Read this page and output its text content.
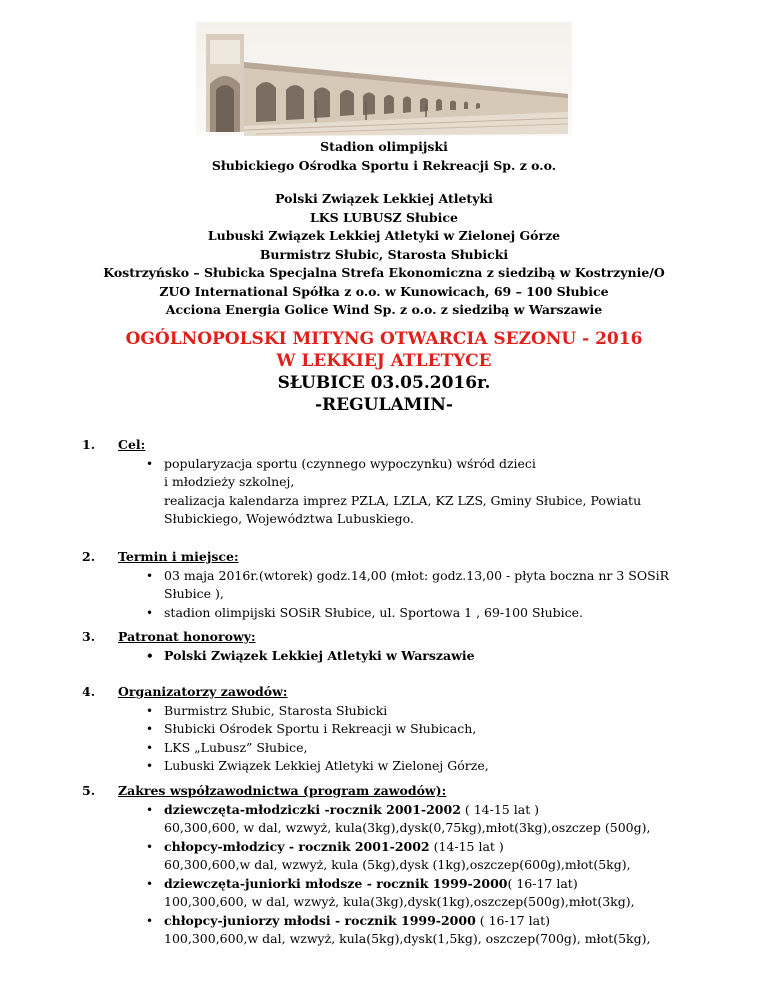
Stadion olimpijski
Słubickiego Ośrodka Sportu i Rekreacji Sp. z o.o.
Polski Związek Lekkiej Atletyki
LKS LUBUSZ Słubice
Lubuski Związek Lekkiej Atletyki w Zielonej Górze
Burmistrz Słubic, Starosta Słubicki
Kostrzyńsko – Słubicka Specjalna Strefa Ekonomiczna z siedzibą w Kostrzynie/O
ZUO International Spółka z o.o. w Kunowicach, 69 – 100 Słubice
Acciona Energia Golice Wind Sp. z o.o. z siedzibą w Warszawie
OGÓLNOPOLSKI MITYNG OTWARCIA SEZONU - 2016
W LEKKIEJ ATLETYCE
SŁUBICE 03.05.2016r.
-REGULAMIN-
1. Cel:
• popularyzacja sportu (czynnego wypoczynku) wśród dzieci
i młodzieży szkolnej,
realizacja kalendarza imprez PZLA, LZLA, KZ LZS, Gminy Słubice, Powiatu
Słubickiego, Województwa Lubuskiego.
2. Termin i miejsce:
• 03 maja 2016r.(wtorek) godz.14,00 (młot: godz.13,00 - płyta boczna nr 3 SOSiR
Słubice ),
• stadion olimpijski SOSiR Słubice, ul. Sportowa 1 , 69-100 Słubice.
3. Patronat honorowy:
• Polski Związek Lekkiej Atletyki w Warszawie
4. Organizatorzy zawodów:
• Burmistrz Słubic, Starosta Słubicki
• Słubicki Ośrodek Sportu i Rekreacji w Słubicach,
• LKS „Lubusz” Słubice,
• Lubuski Związek Lekkiej Atletyki w Zielonej Górze,
5. Zakres współzawodnictwa (program zawodów):
• dziewczęta-młodziczki -rocznik 2001-2002 ( 14-15 lat )
60,300,600, w dal, wzwyż, kula(3kg),dysk(0,75kg),młot(3kg),oszczep (500g),
• chłopcy-młodzicy - rocznik 2001-2002 (14-15 lat )
60,300,600,w dal, wzwyż, kula (5kg),dysk (1kg),oszczep(600g),młot(5kg),
• dziewczęta-juniorki młodsze - rocznik 1999-2000( 16-17 lat)
100,300,600, w dal, wzwyż, kula(3kg),dysk(1kg),oszczep(500g),młot(3kg),
• chłopcy-juniorzy młodsi - rocznik 1999-2000 ( 16-17 lat)
100,300,600,w dal, wzwyż, kula(5kg),dysk(1,5kg), oszczep(700g), młot(5kg),
